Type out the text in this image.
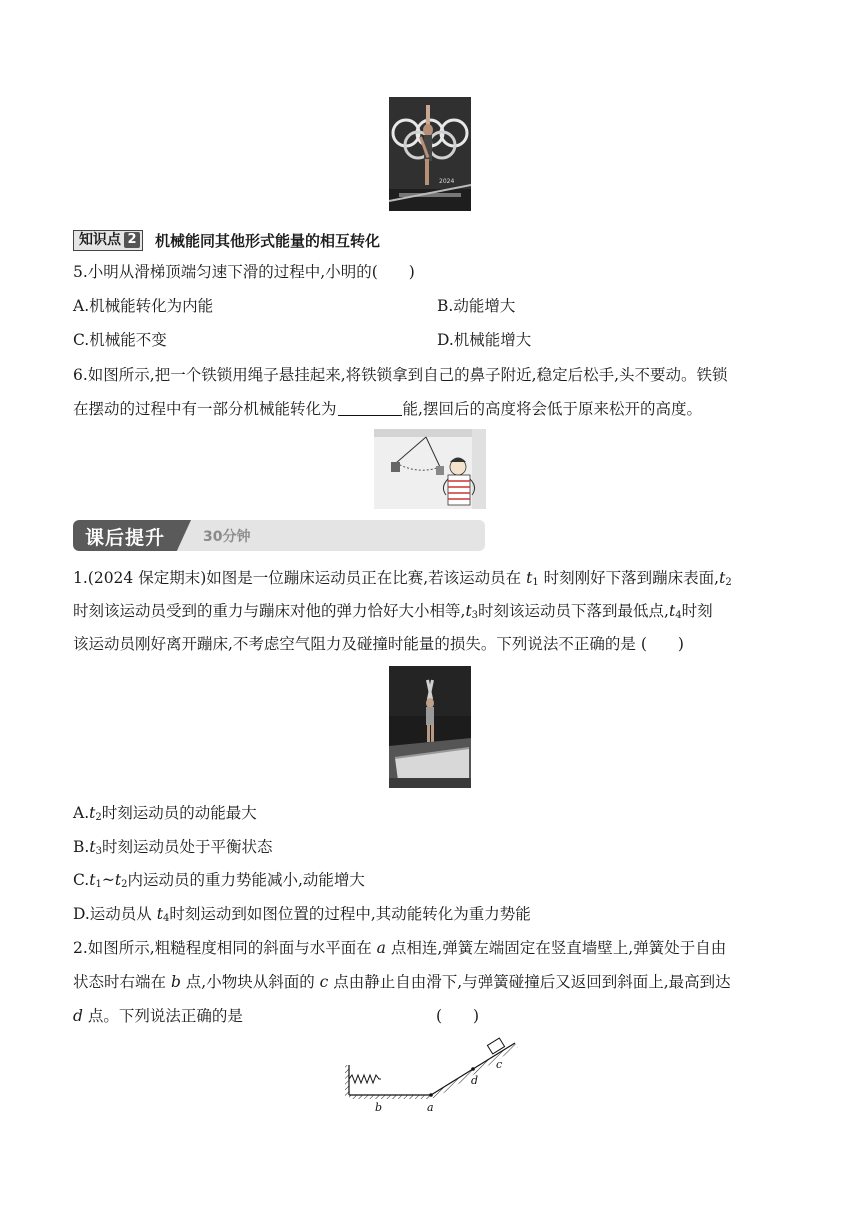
2024
知识点 2 机械能同其他形式能量的相互转化
5.小明从滑梯顶端匀速下滑的过程中,小明的(　　)
A.机械能转化为内能	B.动能增大
C.机械能不变	D.机械能增大
6.如图所示,把一个铁锁用绳子悬挂起来,将铁锁拿到自己的鼻子附近,稳定后松手,头不要动。铁锁
在摆动的过程中有一部分机械能转化为	能,摆回后的高度将会低于原来松开的高度。
课后提升	30分钟
1.(2024 保定期末)如图是一位蹦床运动员正在比赛,若该运动员在 $t_1$ 时刻刚好下落到蹦床表面$,t_2$
时刻该运动员受到的重力与蹦床对他的弹力恰好大小相等$,t_3$时刻该运动员下落到最低点$,t_4$时刻
该运动员刚好离开蹦床,不考虑空气阻力及碰撞时能量的损失。下列说法不正确的是 (　　)
$A.t_2$时刻运动员的动能最大
$B.t_3$时刻运动员处于平衡状态
$C.t_1\sim t_2$内运动员的重力势能减小,动能增大
D.运动员从 $t_4$时刻运动到如图位置的过程中,其动能转化为重力势能
2.如图所示,粗糙程度相同的斜面与水平面在 a 点相连,弹簧左端固定在竖直墙壁上,弹簧处于自由
状态时右端在 b 点,小物块从斜面的 c 点由静止自由滑下,与弹簧碰撞后又返回到斜面上,最高到达
d 点。下列说法正确的是	(　　)
b	a
d
c
